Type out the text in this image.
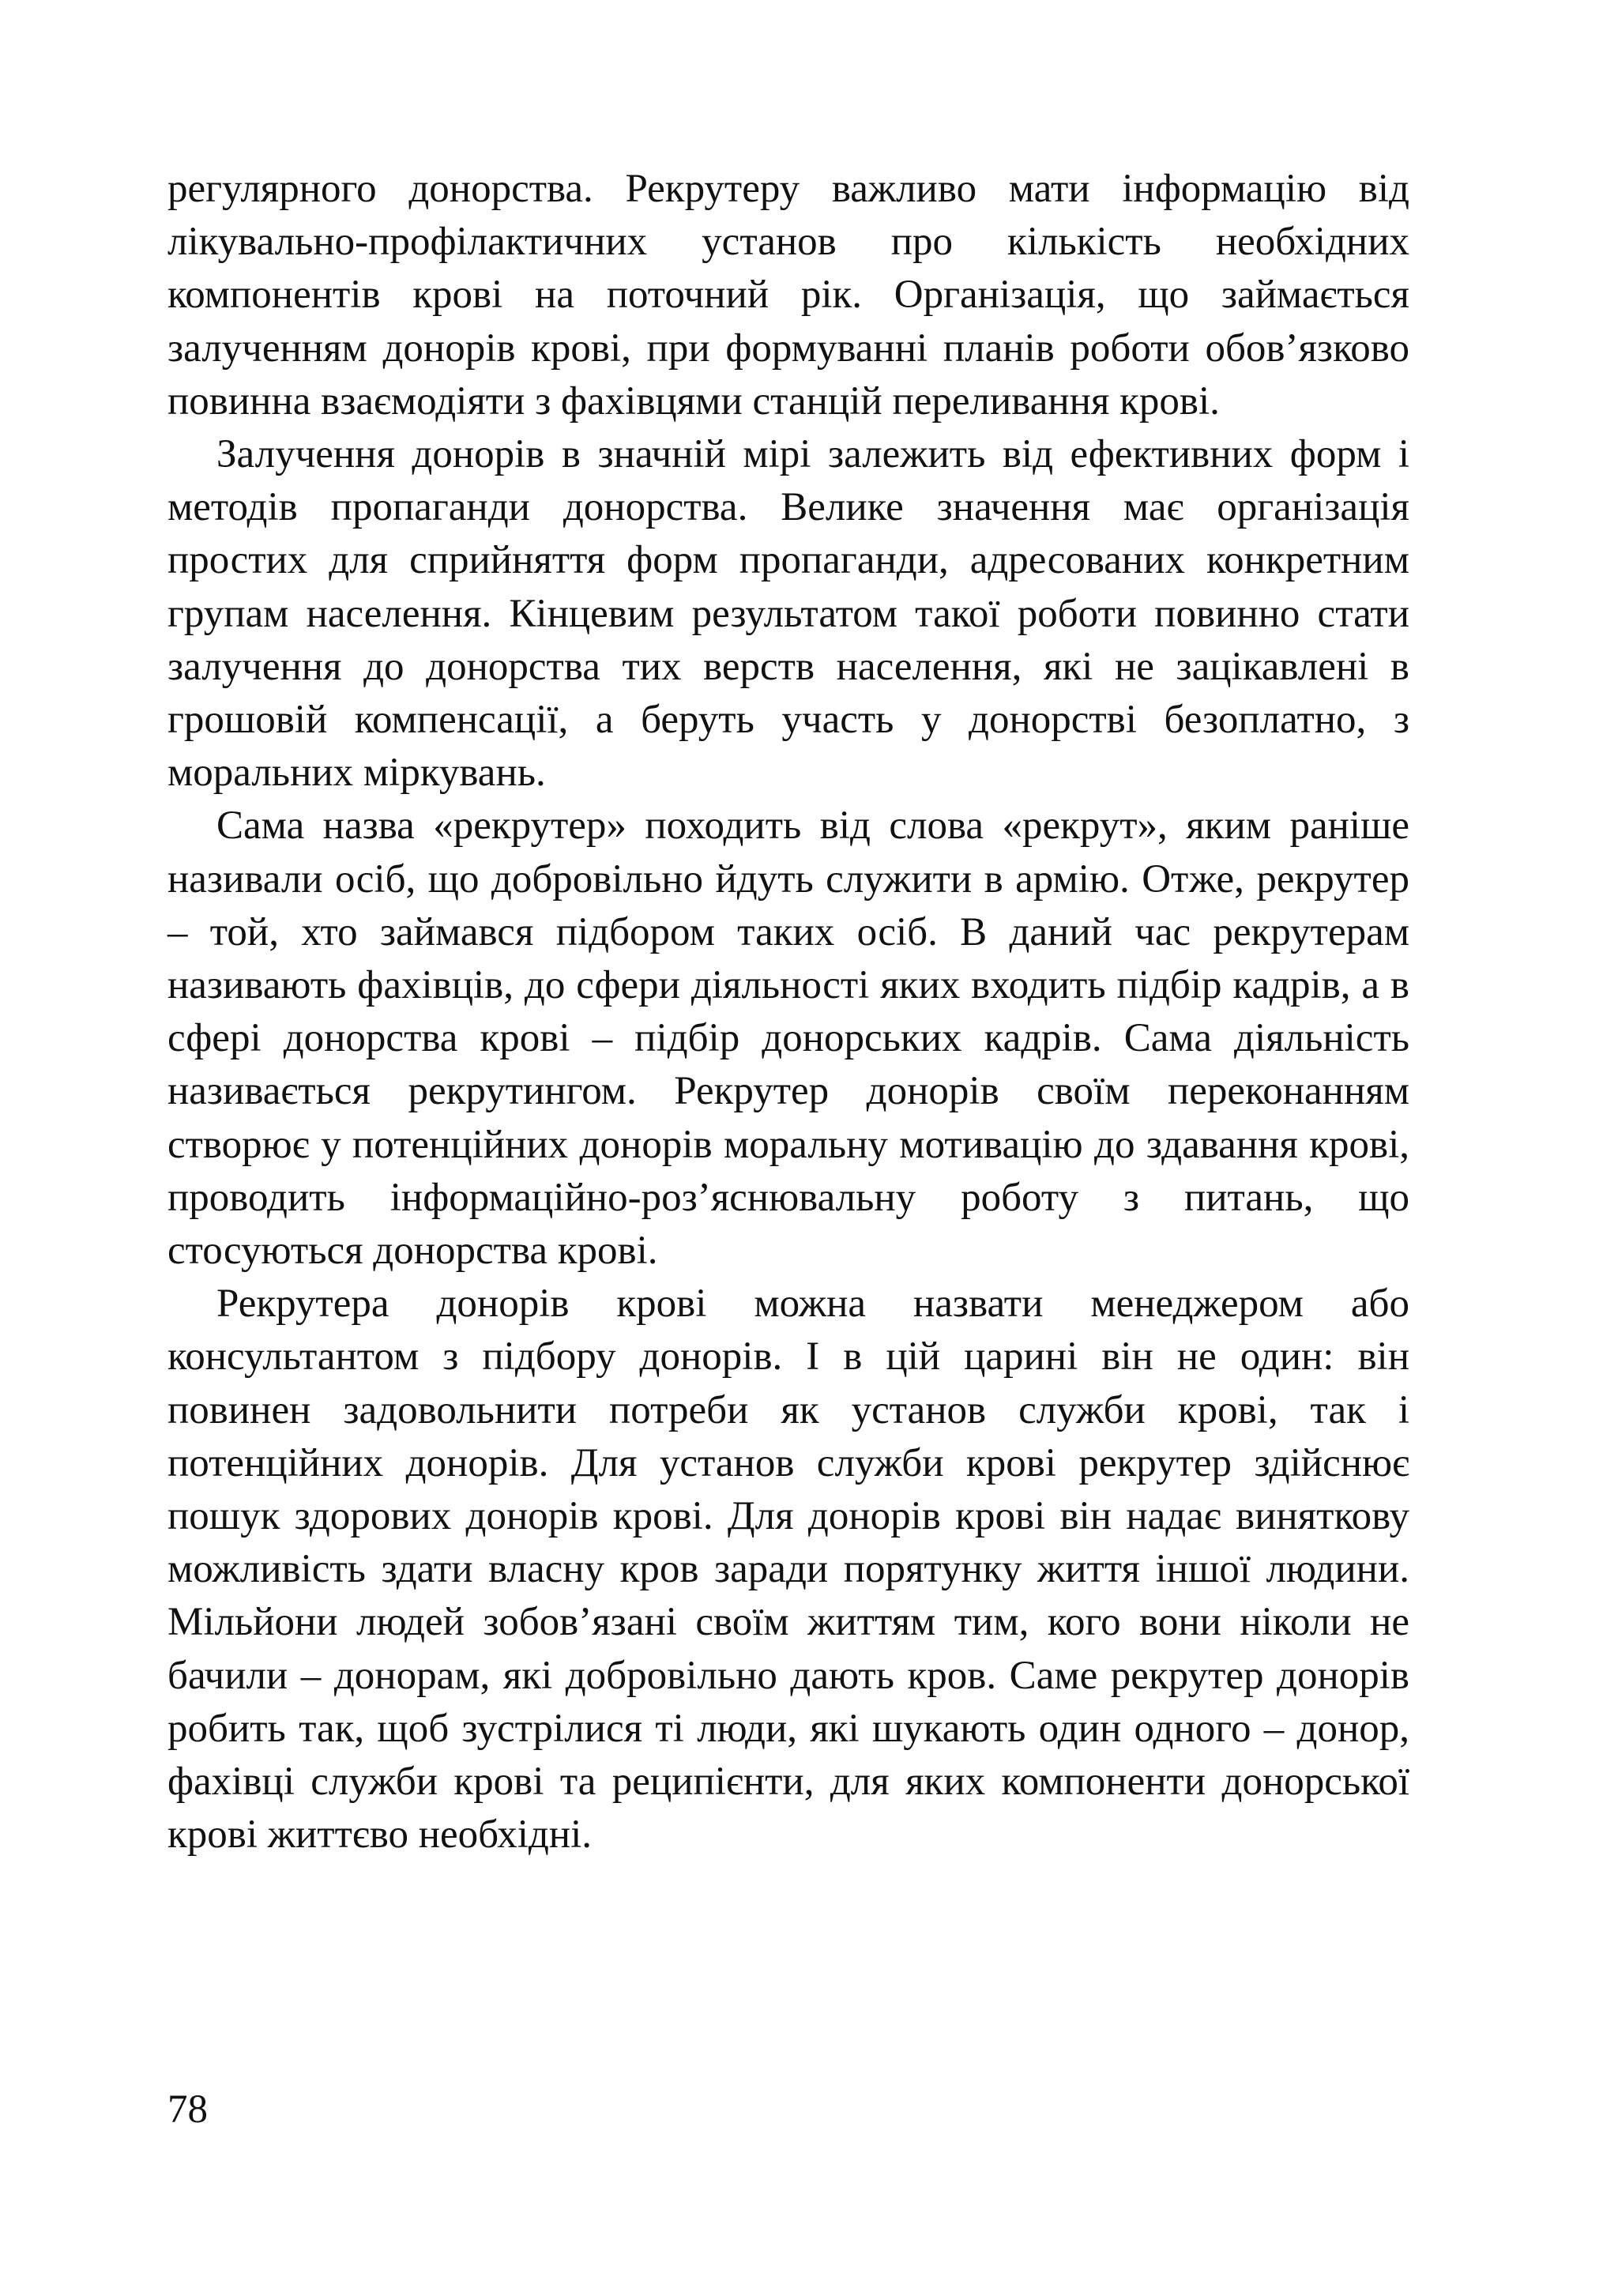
регулярного донорства. Рекрутеру важливо мати інформацію від лікувально-профілактичних установ про кількість необхідних компонентів крові на поточний рік. Організація, що займається залученням донорів крові, при формуванні планів роботи обов’язково повинна взаємодіяти з фахівцями станцій переливання крові.

Залучення донорів в значній мірі залежить від ефективних форм і методів пропаганди донорства. Велике значення має організація простих для сприйняття форм пропаганди, адресованих конкретним групам населення. Кінцевим результатом такої роботи повинно стати залучення до донорства тих верств населення, які не зацікавлені в грошовій компенсації, а беруть участь у донорстві безоплатно, з моральних міркувань.

Сама назва «рекрутер» походить від слова «рекрут», яким раніше називали осіб, що добровільно йдуть служити в армію. Отже, рекрутер – той, хто займався підбором таких осіб. В даний час рекрутерам називають фахівців, до сфери діяльності яких входить підбір кадрів, а в сфері донорства крові – підбір донорських кадрів. Сама діяльність називається рекрутингом. Рекрутер донорів своїм переконанням створює у потенційних донорів моральну мотивацію до здавання крові, проводить інформаційно-роз’яснювальну роботу з питань, що стосуються донорства крові.

Рекрутера донорів крові можна назвати менеджером або консультантом з підбору донорів. І в цій царині він не один: він повинен задовольнити потреби як установ служби крові, так і потенційних донорів. Для установ служби крові рекрутер здійснює пошук здорових донорів крові. Для донорів крові він надає виняткову можливість здати власну кров заради порятунку життя іншої людини. Мільйони людей зобов’язані своїм життям тим, кого вони ніколи не бачили – донорам, які добровільно дають кров. Саме рекрутер донорів робить так, щоб зустрілися ті люди, які шукають один одного – донор, фахівці служби крові та реципієнти, для яких компоненти донорської крові життєво необхідні.

78
